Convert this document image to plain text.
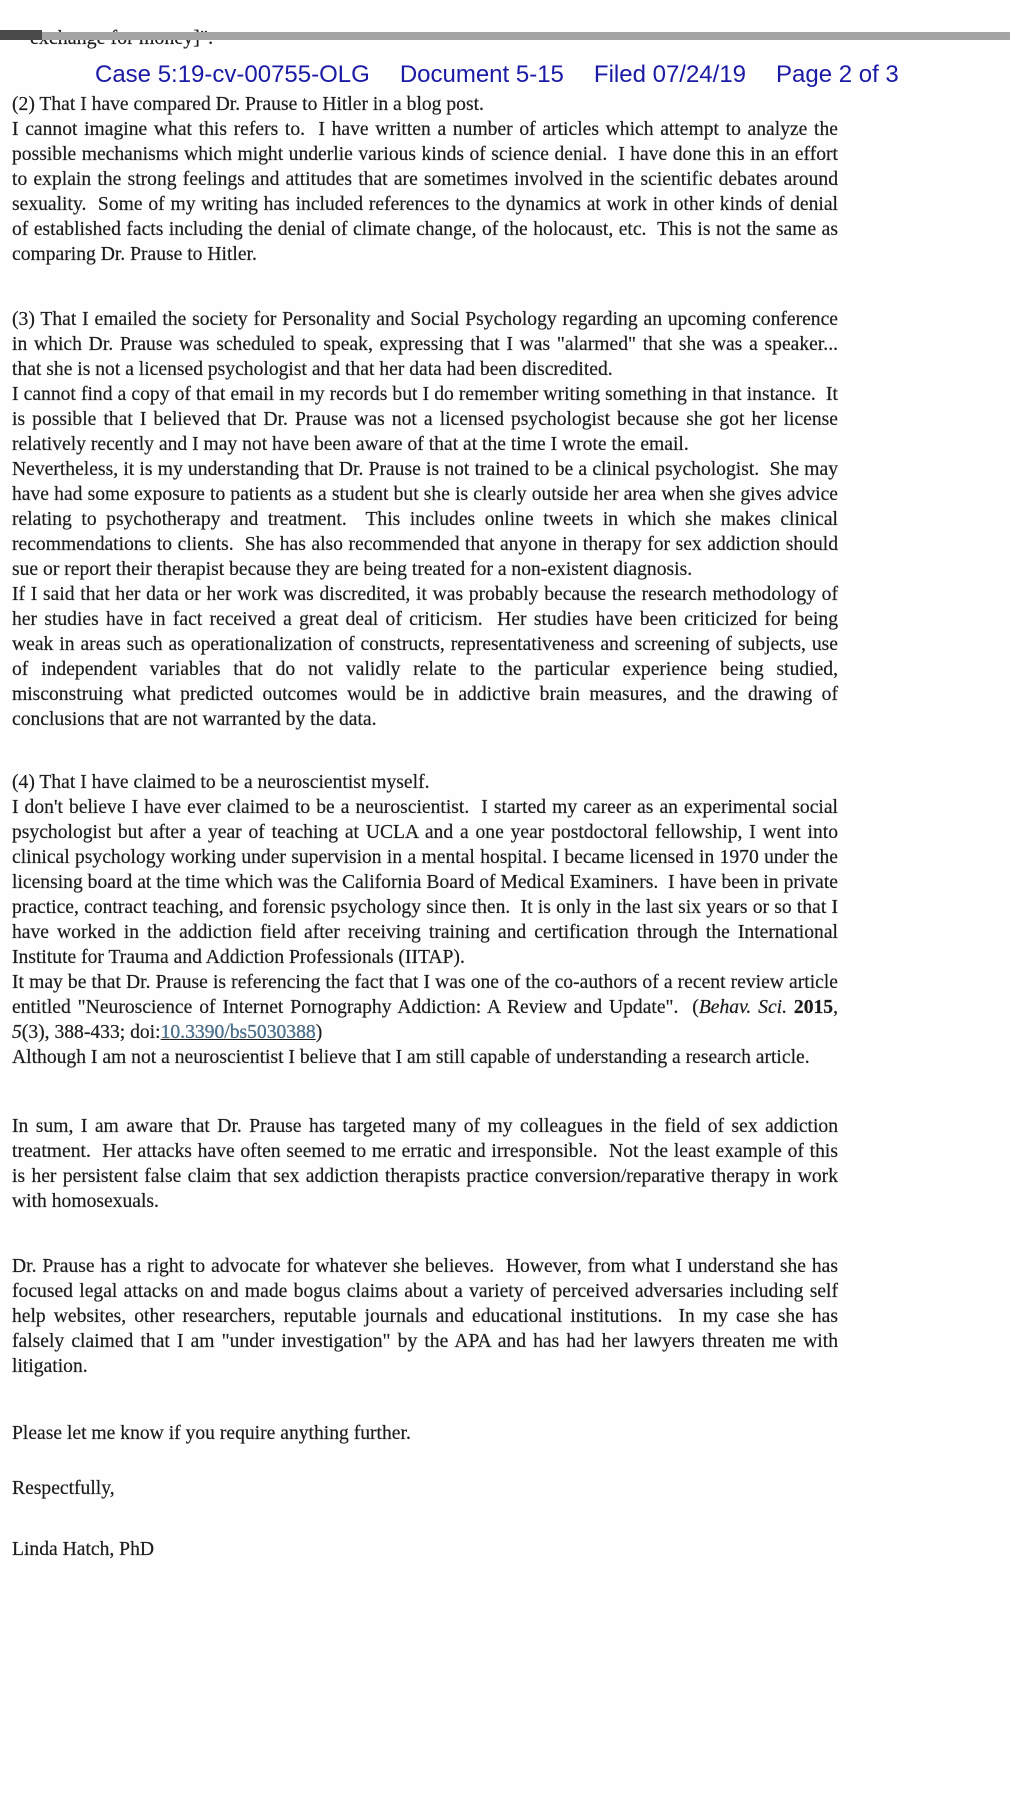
Case 5:19-cv-00755-OLG Document 5-15 Filed 07/24/19 Page 2 of 3

(2) That I have compared Dr. Prause to Hitler in a blog post.

I cannot imagine what this refers to.  I have written a number of articles which attempt to analyze the possible mechanisms which might underlie various kinds of science denial.  I have done this in an effort to explain the strong feelings and attitudes that are sometimes involved in the scientific debates around sexuality.  Some of my writing has included references to the dynamics at work in other kinds of denial of established facts including the denial of climate change, of the holocaust, etc.  This is not the same as comparing Dr. Prause to Hitler.

(3) That I emailed the society for Personality and Social Psychology regarding an upcoming conference in which Dr. Prause was scheduled to speak, expressing that I was "alarmed" that she was a speaker... that she is not a licensed psychologist and that her data had been discredited.

I cannot find a copy of that email in my records but I do remember writing something in that instance.  It is possible that I believed that Dr. Prause was not a licensed psychologist because she got her license relatively recently and I may not have been aware of that at the time I wrote the email.

Nevertheless, it is my understanding that Dr. Prause is not trained to be a clinical psychologist.  She may have had some exposure to patients as a student but she is clearly outside her area when she gives advice relating to psychotherapy and treatment.  This includes online tweets in which she makes clinical recommendations to clients.  She has also recommended that anyone in therapy for sex addiction should sue or report their therapist because they are being treated for a non-existent diagnosis.

If I said that her data or her work was discredited, it was probably because the research methodology of her studies have in fact received a great deal of criticism.  Her studies have been criticized for being weak in areas such as operationalization of constructs, representativeness and screening of subjects, use of independent variables that do not validly relate to the particular experience being studied, misconstruing what predicted outcomes would be in addictive brain measures, and the drawing of conclusions that are not warranted by the data.

(4) That I have claimed to be a neuroscientist myself.

I don't believe I have ever claimed to be a neuroscientist.  I started my career as an experimental social psychologist but after a year of teaching at UCLA and a one year postdoctoral fellowship, I went into clinical psychology working under supervision in a mental hospital. I became licensed in 1970 under the licensing board at the time which was the California Board of Medical Examiners.  I have been in private practice, contract teaching, and forensic psychology since then.  It is only in the last six years or so that I have worked in the addiction field after receiving training and certification through the International Institute for Trauma and Addiction Professionals (IITAP).

It may be that Dr. Prause is referencing the fact that I was one of the co-authors of a recent review article entitled "Neuroscience of Internet Pornography Addiction: A Review and Update".  (Behav. Sci. 2015, 5(3), 388-433; doi:10.3390/bs5030388)

Although I am not a neuroscientist I believe that I am still capable of understanding a research article.

In sum, I am aware that Dr. Prause has targeted many of my colleagues in the field of sex addiction treatment.  Her attacks have often seemed to me erratic and irresponsible.  Not the least example of this is her persistent false claim that sex addiction therapists practice conversion/reparative therapy in work with homosexuals.

Dr. Prause has a right to advocate for whatever she believes.  However, from what I understand she has focused legal attacks on and made bogus claims about a variety of perceived adversaries including self help websites, other researchers, reputable journals and educational institutions.  In my case she has falsely claimed that I am "under investigation" by the APA and has had her lawyers threaten me with litigation.

Please let me know if you require anything further.

Respectfully,

Linda Hatch, PhD
